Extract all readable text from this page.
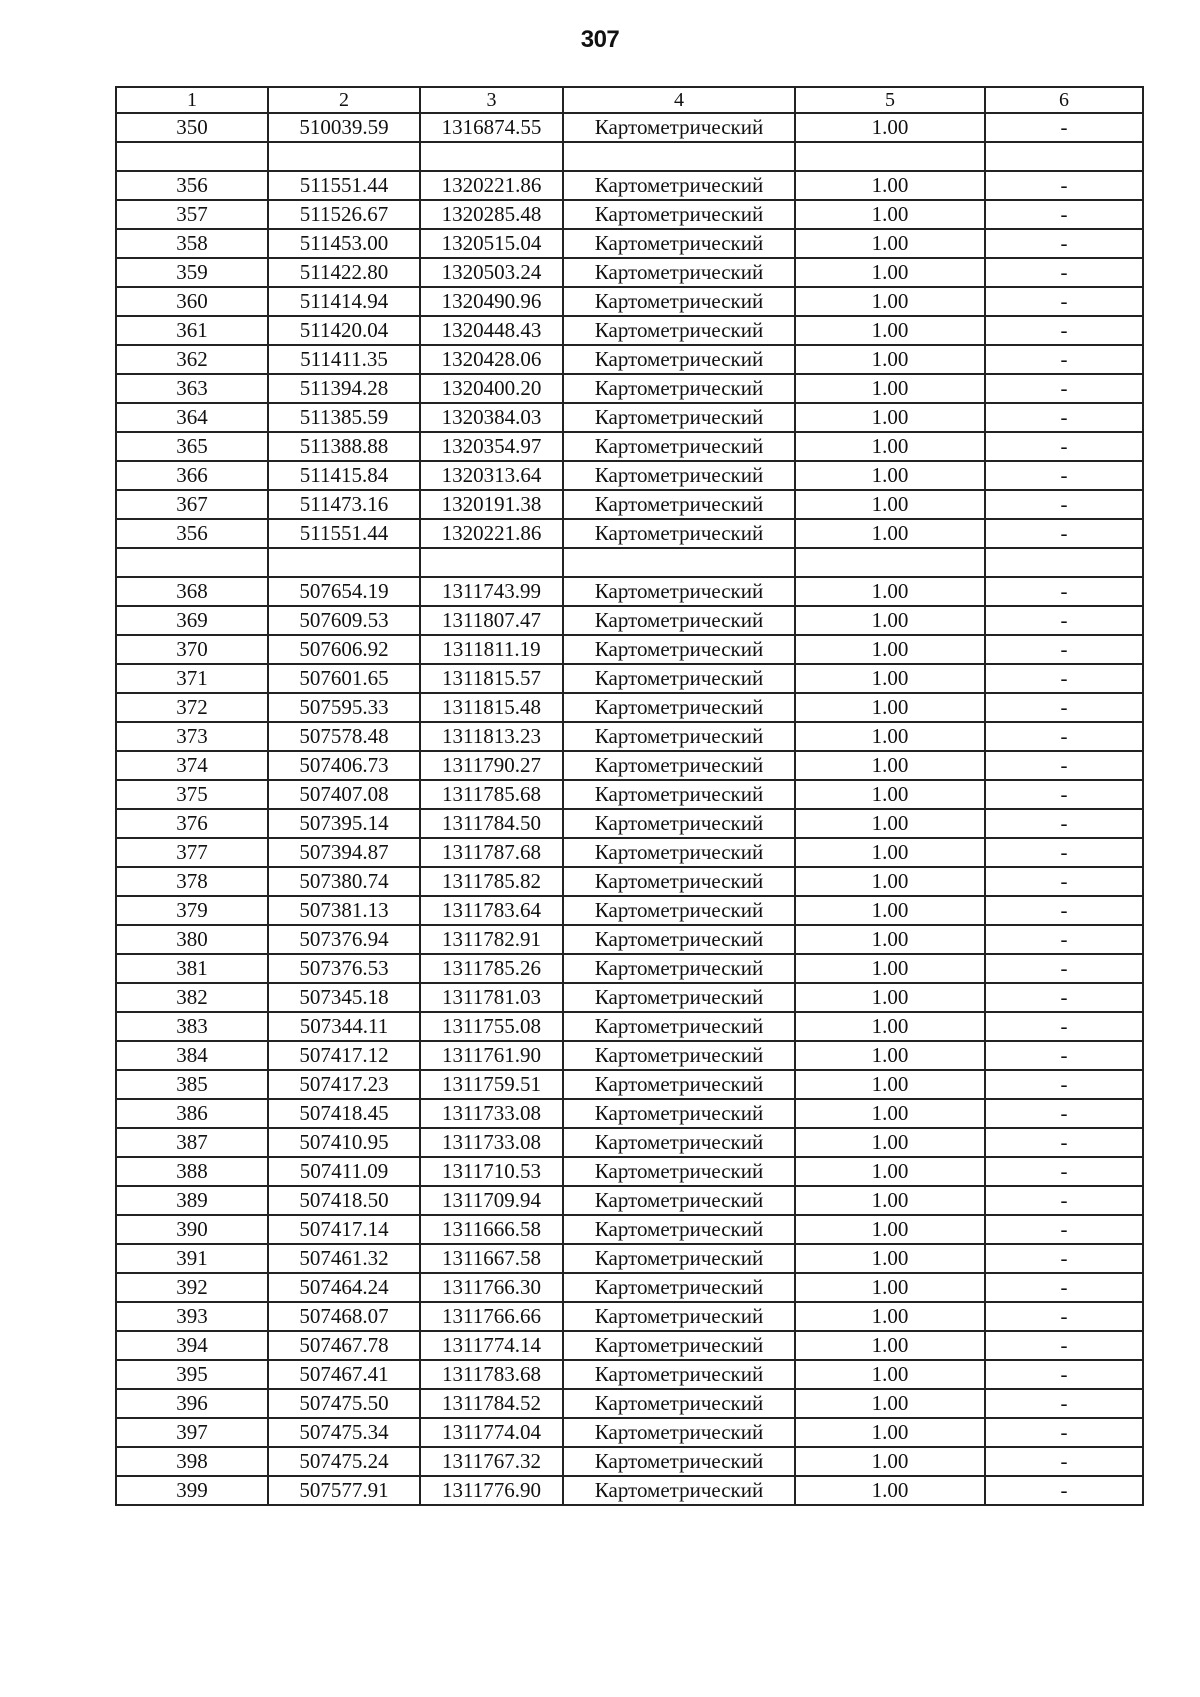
307
1	2	3	4	5	6
350	510039.59	1316874.55	Картометрический	1.00	-

356	511551.44	1320221.86	Картометрический	1.00	-
357	511526.67	1320285.48	Картометрический	1.00	-
358	511453.00	1320515.04	Картометрический	1.00	-
359	511422.80	1320503.24	Картометрический	1.00	-
360	511414.94	1320490.96	Картометрический	1.00	-
361	511420.04	1320448.43	Картометрический	1.00	-
362	511411.35	1320428.06	Картометрический	1.00	-
363	511394.28	1320400.20	Картометрический	1.00	-
364	511385.59	1320384.03	Картометрический	1.00	-
365	511388.88	1320354.97	Картометрический	1.00	-
366	511415.84	1320313.64	Картометрический	1.00	-
367	511473.16	1320191.38	Картометрический	1.00	-
356	511551.44	1320221.86	Картометрический	1.00	-

368	507654.19	1311743.99	Картометрический	1.00	-
369	507609.53	1311807.47	Картометрический	1.00	-
370	507606.92	1311811.19	Картометрический	1.00	-
371	507601.65	1311815.57	Картометрический	1.00	-
372	507595.33	1311815.48	Картометрический	1.00	-
373	507578.48	1311813.23	Картометрический	1.00	-
374	507406.73	1311790.27	Картометрический	1.00	-
375	507407.08	1311785.68	Картометрический	1.00	-
376	507395.14	1311784.50	Картометрический	1.00	-
377	507394.87	1311787.68	Картометрический	1.00	-
378	507380.74	1311785.82	Картометрический	1.00	-
379	507381.13	1311783.64	Картометрический	1.00	-
380	507376.94	1311782.91	Картометрический	1.00	-
381	507376.53	1311785.26	Картометрический	1.00	-
382	507345.18	1311781.03	Картометрический	1.00	-
383	507344.11	1311755.08	Картометрический	1.00	-
384	507417.12	1311761.90	Картометрический	1.00	-
385	507417.23	1311759.51	Картометрический	1.00	-
386	507418.45	1311733.08	Картометрический	1.00	-
387	507410.95	1311733.08	Картометрический	1.00	-
388	507411.09	1311710.53	Картометрический	1.00	-
389	507418.50	1311709.94	Картометрический	1.00	-
390	507417.14	1311666.58	Картометрический	1.00	-
391	507461.32	1311667.58	Картометрический	1.00	-
392	507464.24	1311766.30	Картометрический	1.00	-
393	507468.07	1311766.66	Картометрический	1.00	-
394	507467.78	1311774.14	Картометрический	1.00	-
395	507467.41	1311783.68	Картометрический	1.00	-
396	507475.50	1311784.52	Картометрический	1.00	-
397	507475.34	1311774.04	Картометрический	1.00	-
398	507475.24	1311767.32	Картометрический	1.00	-
399	507577.91	1311776.90	Картометрический	1.00	-
